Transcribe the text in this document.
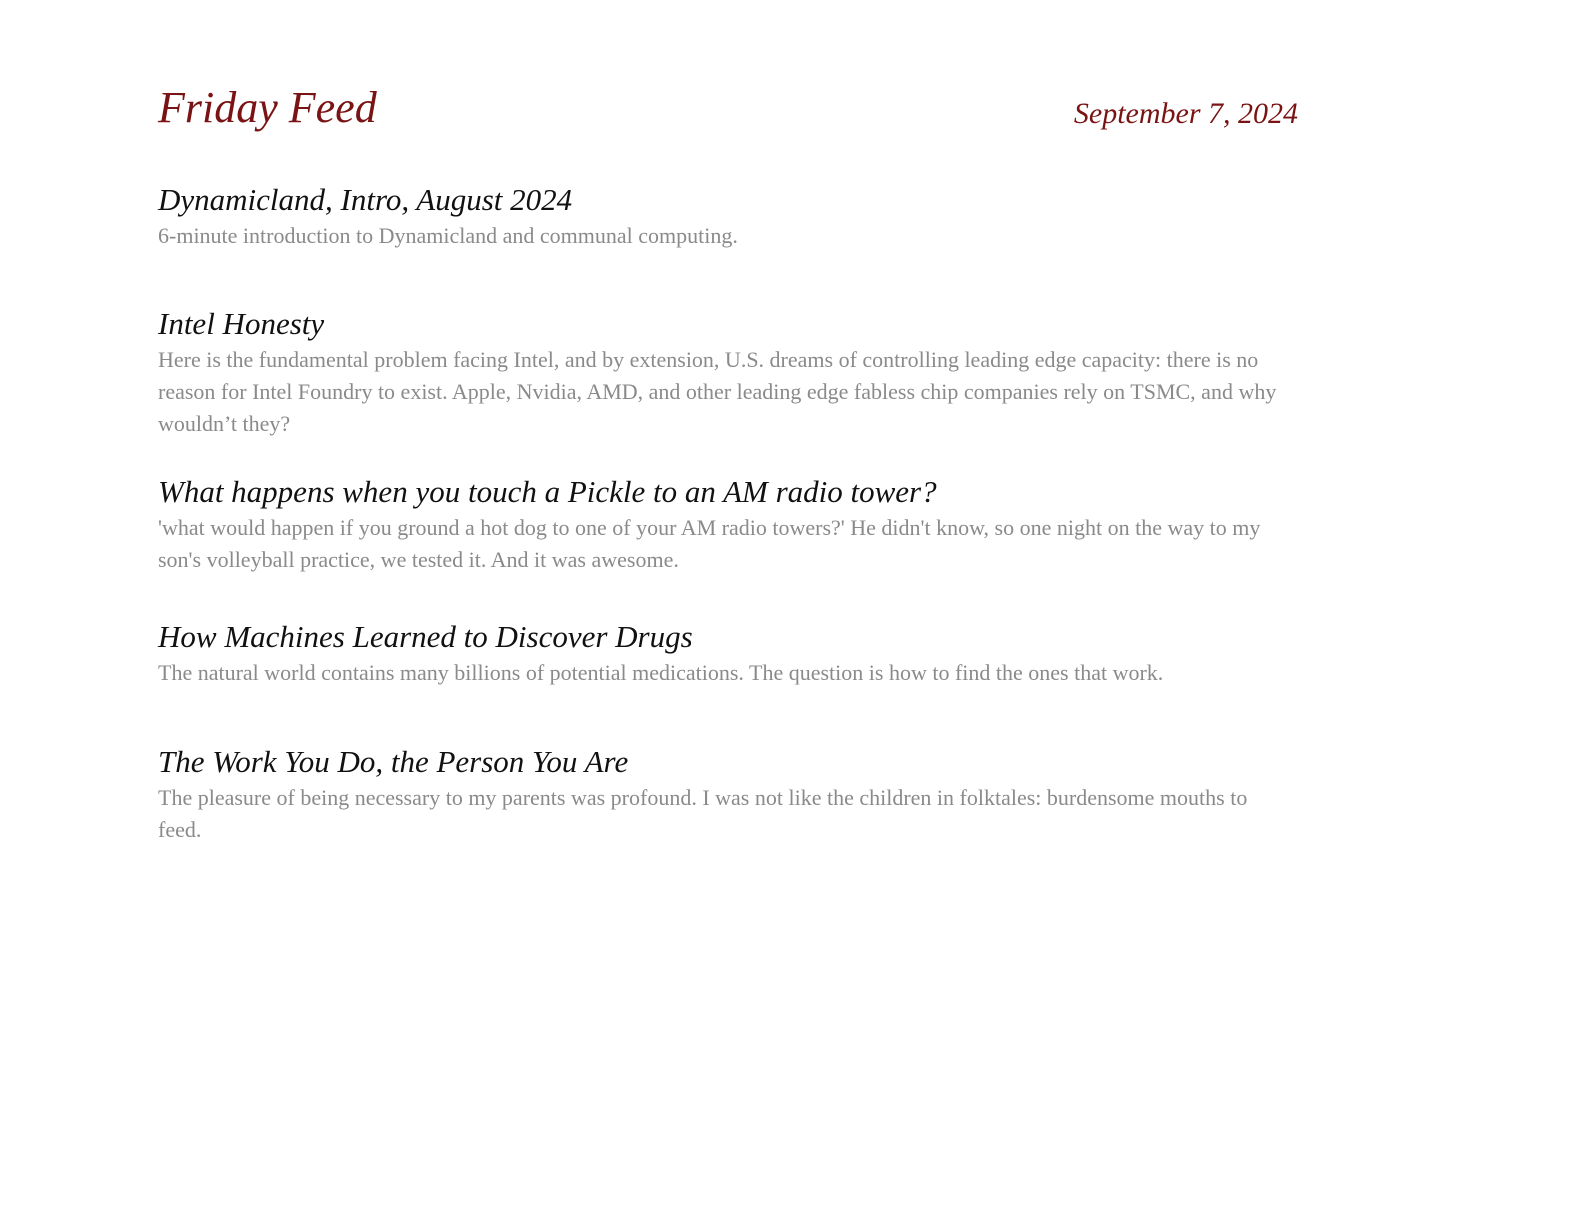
Friday Feed	September 7, 2024
Dynamicland, Intro, August 2024

6-minute introduction to Dynamicland and communal computing.

Intel Honesty

Here is the fundamental problem facing Intel, and by extension, U.S. dreams of controlling leading edge capacity: there is no reason for Intel Foundry to exist. Apple, Nvidia, AMD, and other leading edge fabless chip companies rely on TSMC, and why wouldn’t they?

What happens when you touch a Pickle to an AM radio tower?

'what would happen if you ground a hot dog to one of your AM radio towers?' He didn't know, so one night on the way to my son's volleyball practice, we tested it. And it was awesome.

How Machines Learned to Discover Drugs

The natural world contains many billions of potential medications. The question is how to find the ones that work.

The Work You Do, the Person You Are

The pleasure of being necessary to my parents was profound. I was not like the children in folktales: burdensome mouths to feed.
